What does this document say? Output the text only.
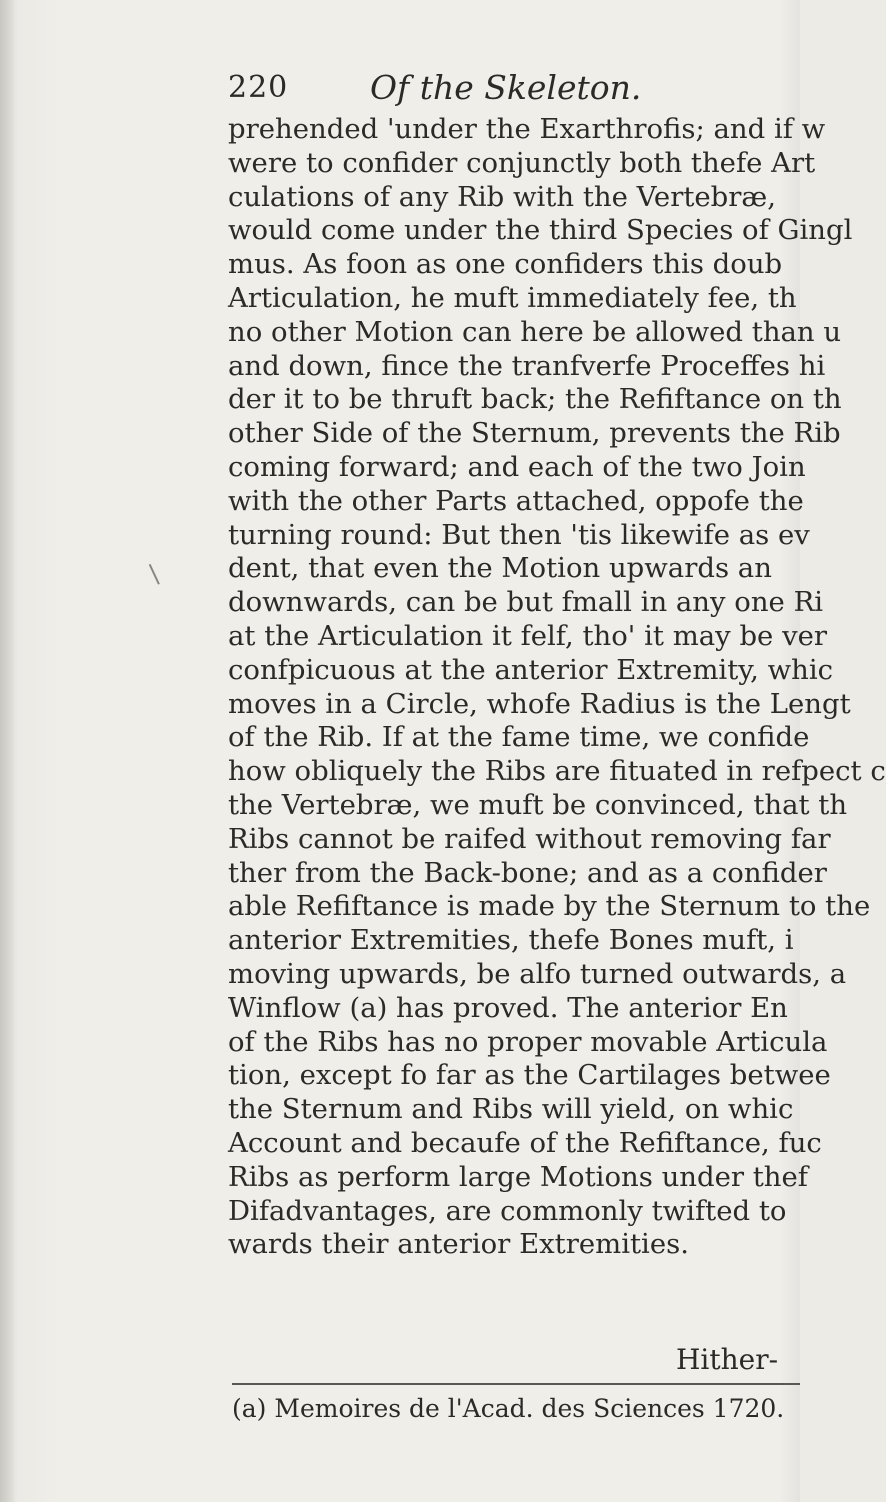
220 Of the Skeleton.
prehended 'under the Exarthrofis; and if w
were to confider conjunctly both thefe Art
culations of any Rib with the Vertebræ,
would come under the third Species of Gingl
mus. As foon as one confiders this doub
Articulation, he muft immediately fee, th
no other Motion can here be allowed than u
and down, fince the tranfverfe Proceffes hi
der it to be thruft back; the Refiftance on th
other Side of the Sternum, prevents the Rib
coming forward; and each of the two Join
with the other Parts attached, oppofe the
turning round: But then 'tis likewife as ev
dent, that even the Motion upwards an
downwards, can be but fmall in any one Ri
at the Articulation it felf, tho' it may be ver
confpicuous at the anterior Extremity, whic
moves in a Circle, whofe Radius is the Lengt
of the Rib. If at the fame time, we confide
how obliquely the Ribs are fituated in refpect c
the Vertebræ, we muft be convinced, that th
Ribs cannot be raifed without removing far
ther from the Back-bone; and as a confider
able Refiftance is made by the Sternum to the
anterior Extremities, thefe Bones muft, i
moving upwards, be alfo turned outwards, a
Winflow (a) has proved. The anterior En
of the Ribs has no proper movable Articula
tion, except fo far as the Cartilages betwee
the Sternum and Ribs will yield, on whic
Account and becaufe of the Refiftance, fuc
Ribs as perform large Motions under thef
Difadvantages, are commonly twifted to
wards their anterior Extremities.
Hither-
(a) Memoires de l'Acad. des Sciences 1720.
